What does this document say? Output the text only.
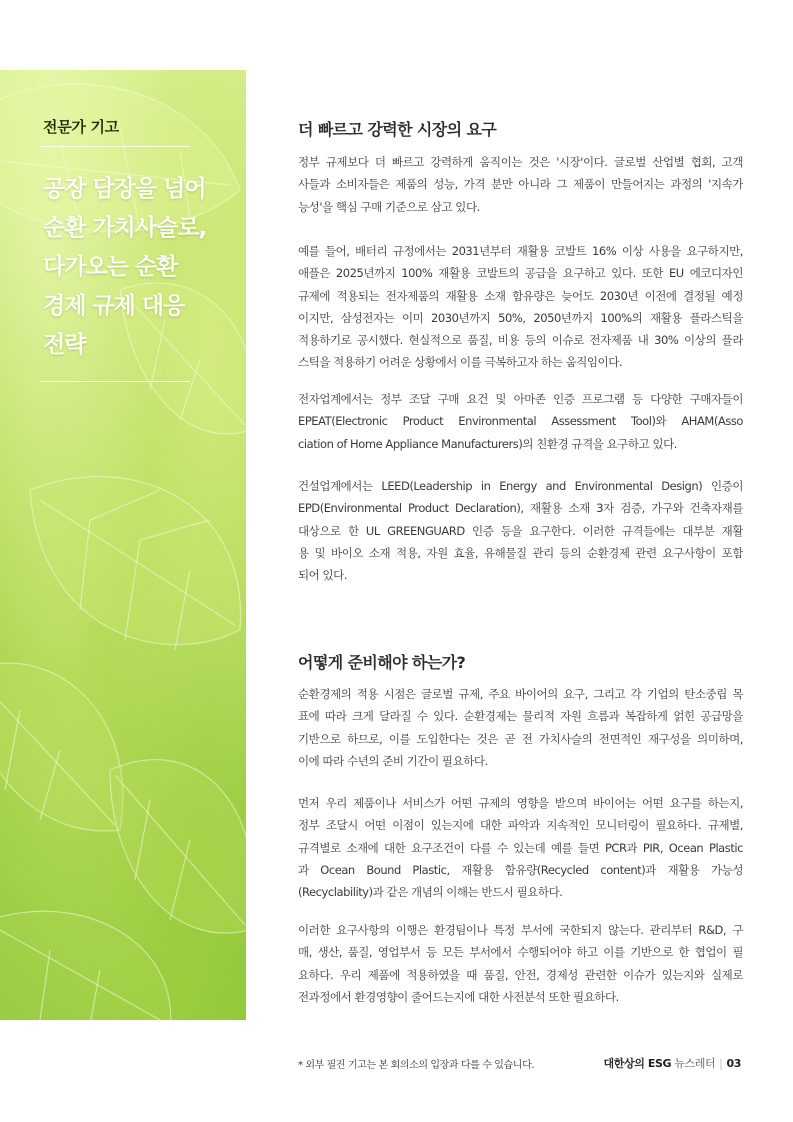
전문가 기고
공장 담장을 넘어
순환 가치사슬로,
다가오는 순환
경제 규제 대응
전략
더 빠르고 강력한 시장의 요구
정부 규제보다 더 빠르고 강력하게 움직이는 것은 '시장'이다. 글로벌 산업별 협회, 고객
사들과 소비자들은 제품의 성능, 가격 분만 아니라 그 제품이 만들어지는 과정의 '지속가
능성'을 핵심 구매 기준으로 삼고 있다.
예를 들어, 배터리 규정에서는 2031년부터 재활용 코발트 16% 이상 사용을 요구하지만,
애플은 2025년까지 100% 재활용 코발트의 공급을 요구하고 있다. 또한 EU 에코디자인
규제에 적용되는 전자제품의 재활용 소재 함유량은 늦어도 2030년 이전에 결정될 예정
이지만, 삼성전자는 이미 2030년까지 50%, 2050년까지 100%의 재활용 플라스틱을
적용하기로 공시했다. 현실적으로 품질, 비용 등의 이슈로 전자제품 내 30% 이상의 플라
스틱을 적용하기 어려운 상황에서 이를 극복하고자 하는 움직임이다.
전자업계에서는 정부 조달 구매 요건 및 아마존 인증 프로그램 등 다양한 구매자들이
EPEAT(Electronic Product Environmental Assessment Tool)와 AHAM(Asso
ciation of Home Appliance Manufacturers)의 친환경 규격을 요구하고 있다.
건설업계에서는 LEED(Leadership in Energy and Environmental Design) 인증이
EPD(Environmental Product Declaration), 재활용 소재 3자 검증, 가구와 건축자재를
대상으로 한 UL GREENGUARD 인증 등을 요구한다. 이러한 규격들에는 대부분 재활
용 및 바이오 소재 적용, 자원 효율, 유해물질 관리 등의 순환경제 관련 요구사항이 포함
되어 있다.
어떻게 준비해야 하는가?
순환경제의 적용 시점은 글로벌 규제, 주요 바이어의 요구, 그리고 각 기업의 탄소중립 목
표에 따라 크게 달라질 수 있다. 순환경제는 물리적 자원 흐름과 복잡하게 얽힌 공급망을
기반으로 하므로, 이를 도입한다는 것은 곧 전 가치사슬의 전면적인 재구성을 의미하며,
이에 따라 수년의 준비 기간이 필요하다.
먼저 우리 제품이나 서비스가 어떤 규제의 영향을 받으며 바이어는 어떤 요구를 하는지,
정부 조달시 어떤 이점이 있는지에 대한 파악과 지속적인 모니터링이 필요하다. 규제별,
규격별로 소재에 대한 요구조건이 다를 수 있는데 예를 들면 PCR과 PIR, Ocean Plastic
과 Ocean Bound Plastic, 재활용 함유량(Recycled content)과 재활용 가능성
(Recyclability)과 같은 개념의 이해는 반드시 필요하다.
이러한 요구사항의 이행은 환경팀이나 특정 부서에 국한되지 않는다. 관리부터 R&D, 구
매, 생산, 품질, 영업부서 등 모든 부서에서 수행되어야 하고 이를 기반으로 한 협업이 필
요하다. 우리 제품에 적용하였을 때 품질, 안전, 경제성 관련한 이슈가 있는지와 실제로
전과정에서 환경영향이 줄어드는지에 대한 사전분석 또한 필요하다.
* 외부 필진 기고는 본 회의소의 입장과 다를 수 있습니다.	대한상의 ESG 뉴스레터 | 03
